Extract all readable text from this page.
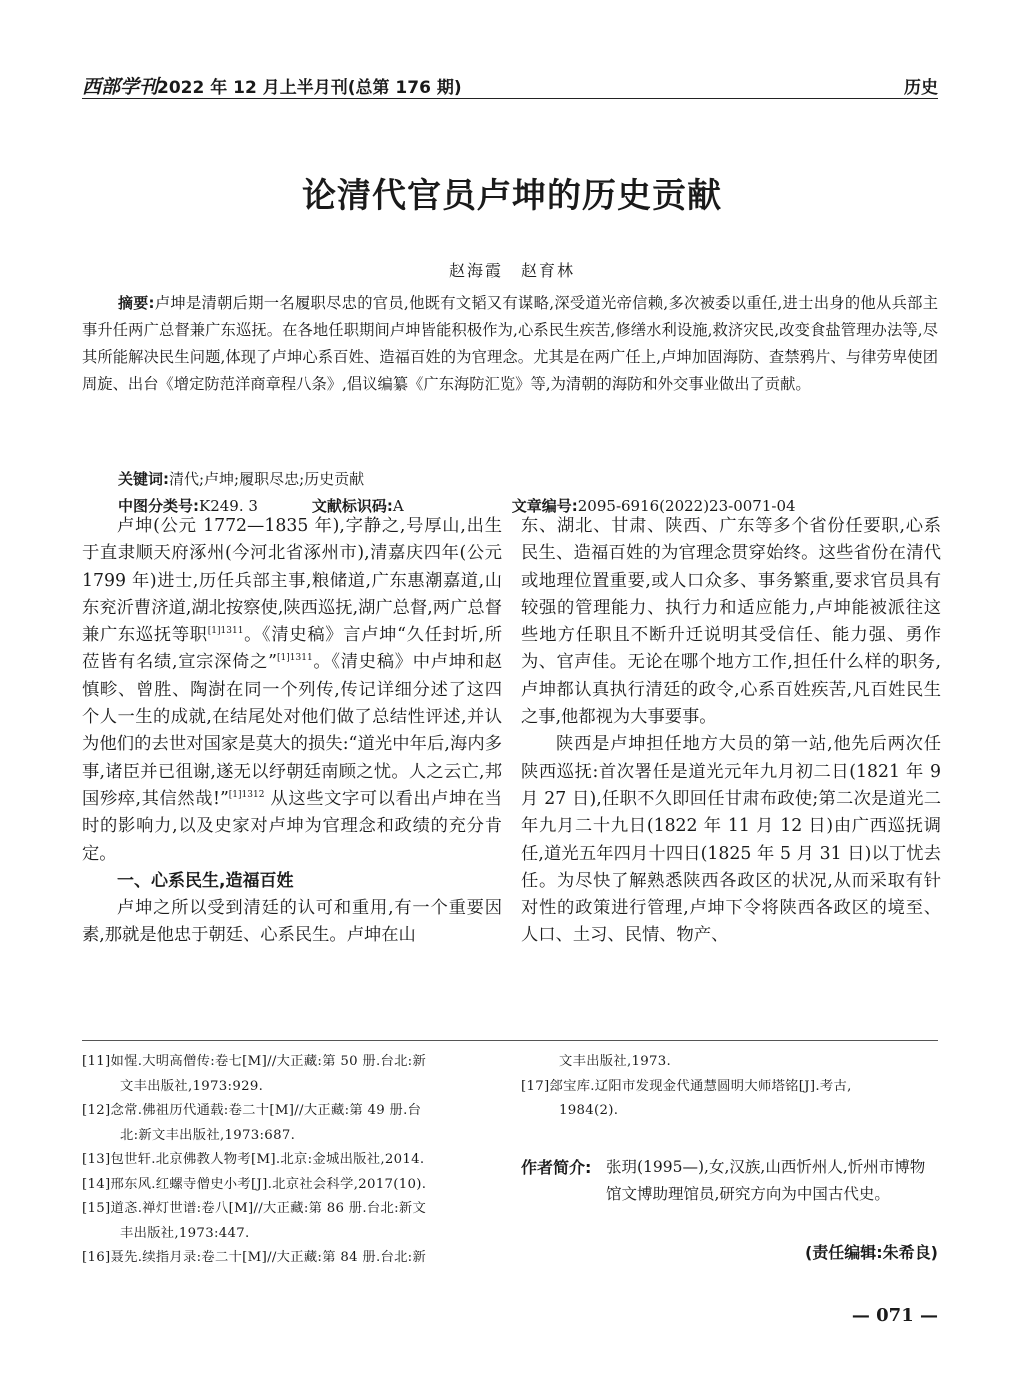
西部学刊
2022 年 12 月上半月刊(总第 176 期)	历史
论清代官员卢坤的历史贡献
赵海霞　赵育林

摘要:卢坤是清朝后期一名履职尽忠的官员,他既有文韬又有谋略,深受道光帝信赖,多次被委以重任,进士出身的他从兵部主事升任两广总督兼广东巡抚。在各地任职期间卢坤皆能积极作为,心系民生疾苦,修缮水利设施,救济灾民,改变食盐管理办法等,尽其所能解决民生问题,体现了卢坤心系百姓、造福百姓的为官理念。尤其是在两广任上,卢坤加固海防、查禁鸦片、与律劳卑使团周旋、出台《增定防范洋商章程八条》,倡议编纂《广东海防汇览》等,为清朝的海防和外交事业做出了贡献。

关键词:清代;卢坤;履职尽忠;历史贡献
中图分类号:K249. 3	文献标识码:A	文章编号:2095-6916(2022)23-0071-04

卢坤(公元 1772—1835 年),字静之,号厚山,出生于直隶顺天府涿州(今河北省涿州市),清嘉庆四年(公元 1799 年)进士,历任兵部主事,粮储道,广东惠潮嘉道,山东兖沂曹济道,湖北按察使,陕西巡抚,湖广总督,两广总督兼广东巡抚等职$^{[1]1311}$。《清史稿》言卢坤“久任封圻,所莅皆有名绩,宣宗深倚之”$^{[1]1311}$。《清史稿》中卢坤和赵慎畛、曾胜、陶澍在同一个列传,传记详细分述了这四个人一生的成就,在结尾处对他们做了总结性评述,并认为他们的去世对国家是莫大的损失:“道光中年后,海内多事,诸臣并已徂谢,遂无以纾朝廷南顾之忧。人之云亡,邦国殄瘁,其信然哉!”$^{[1]1312}$ 从这些文字可以看出卢坤在当时的影响力,以及史家对卢坤为官理念和政绩的充分肯定。

一、心系民生,造福百姓

卢坤之所以受到清廷的认可和重用,有一个重要因素,那就是他忠于朝廷、心系民生。卢坤在山

东、湖北、甘肃、陕西、广东等多个省份任要职,心系民生、造福百姓的为官理念贯穿始终。这些省份在清代或地理位置重要,或人口众多、事务繁重,要求官员具有较强的管理能力、执行力和适应能力,卢坤能被派往这些地方任职且不断升迁说明其受信任、能力强、勇作为、官声佳。无论在哪个地方工作,担任什么样的职务,卢坤都认真执行清廷的政令,心系百姓疾苦,凡百姓民生之事,他都视为大事要事。

陕西是卢坤担任地方大员的第一站,他先后两次任陕西巡抚:首次署任是道光元年九月初二日(1821 年 9 月 27 日),任职不久即回任甘肃布政使;第二次是道光二年九月二十九日(1822 年 11 月 12 日)由广西巡抚调任,道光五年四月十四日(1825 年 5 月 31 日)以丁忧去任。为尽快了解熟悉陕西各政区的状况,从而采取有针对性的政策进行管理,卢坤下令将陕西各政区的境至、人口、土习、民情、物产、

[11]如惺.大明高僧传:卷七[M]//大正藏:第 50 册.台北:新
文丰出版社,1973:929.
[12]念常.佛祖历代通载:卷二十[M]//大正藏:第 49 册.台
北:新文丰出版社,1973:687.
[13]包世轩.北京佛教人物考[M].北京:金城出版社,2014.
[14]邢东风.红螺寺僧史小考[J].北京社会科学,2017(10).
[15]道忞.禅灯世谱:卷八[M]//大正藏:第 86 册.台北:新文
丰出版社,1973:447.
[16]聂先.续指月录:卷二十[M]//大正藏:第 84 册.台北:新
文丰出版社,1973.
[17]郐宝库.辽阳市发现金代通慧圆明大师塔铭[J].考古,
1984(2).
作者简介: 张玥(1995—),女,汉族,山西忻州人,忻州市博物馆文博助理馆员,研究方向为中国古代史。
(责任编辑:朱希良)
— 071 —
